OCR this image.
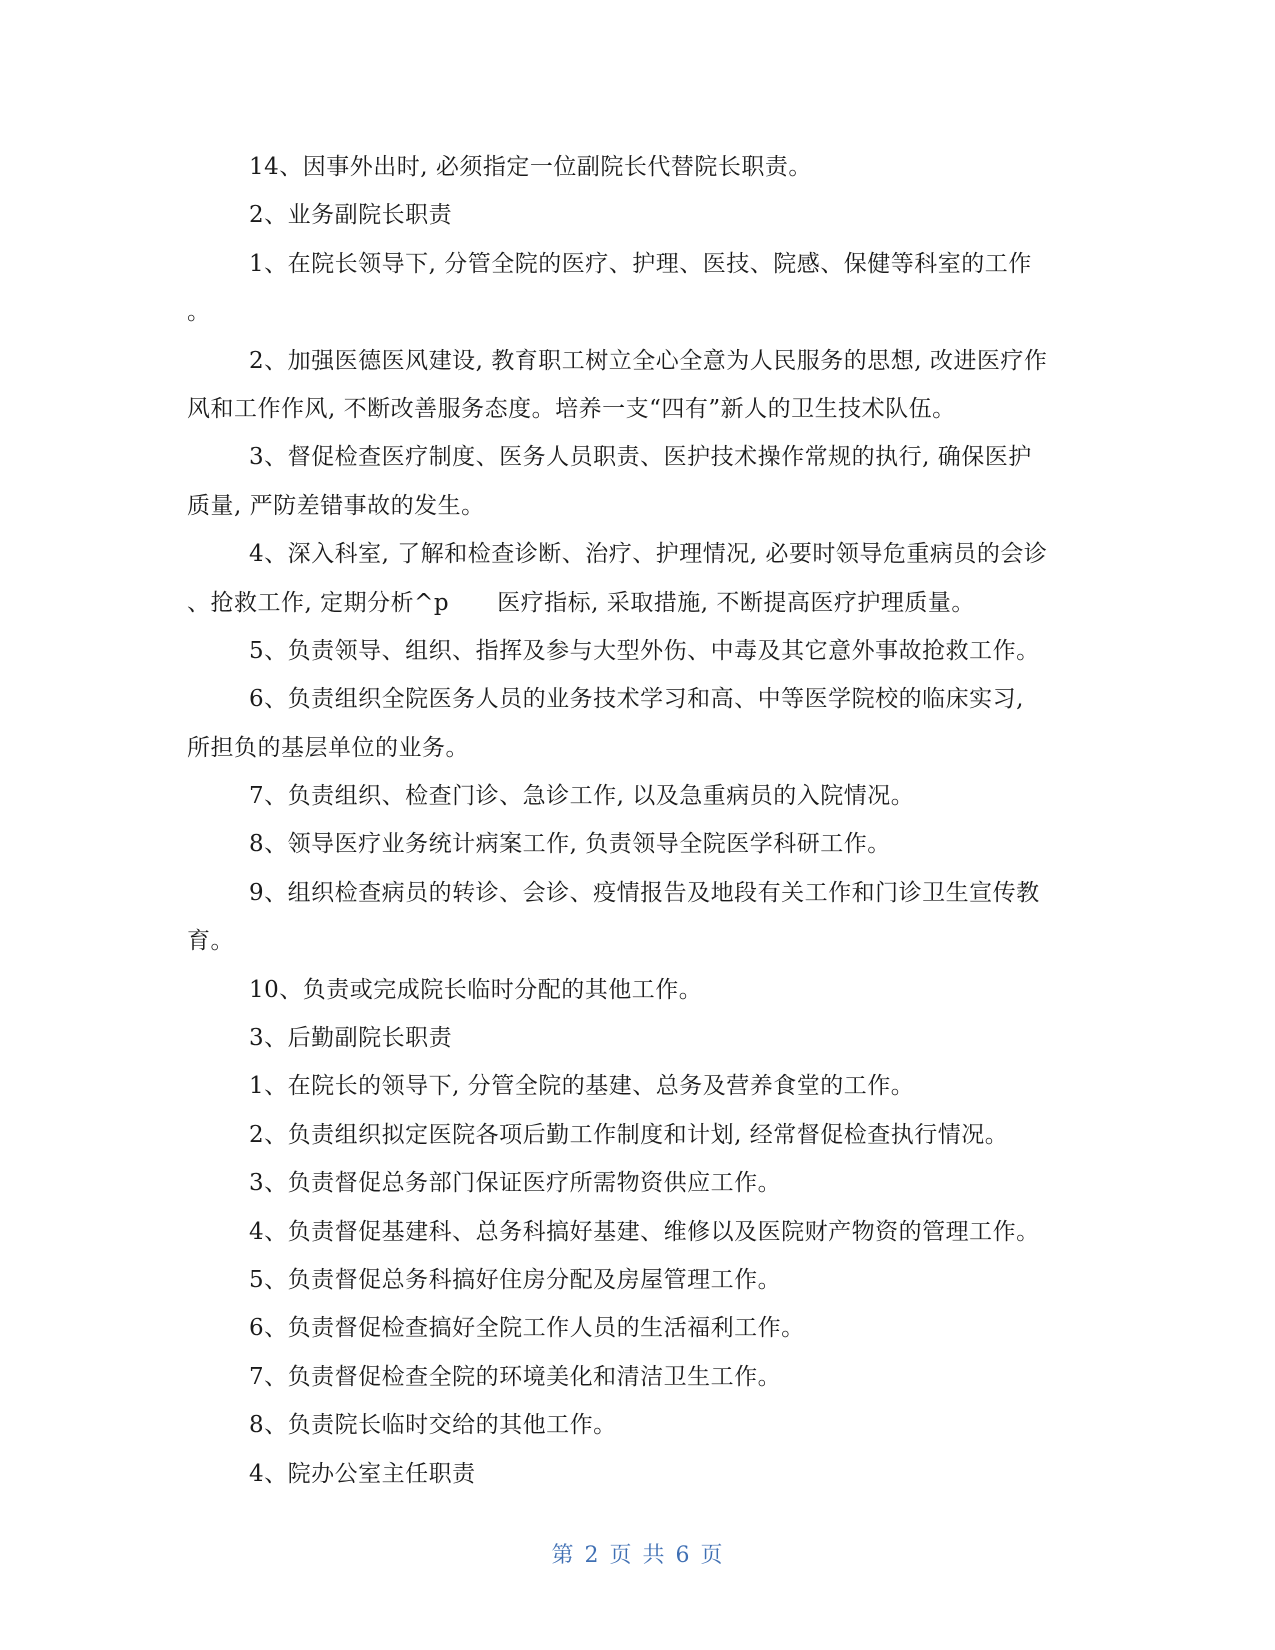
14、因事外出时, 必须指定一位副院长代替院长职责。
2、业务副院长职责
1、在院长领导下, 分管全院的医疗、护理、医技、院感、保健等科室的工作
。
2、加强医德医风建设, 教育职工树立全心全意为人民服务的思想, 改进医疗作
风和工作作风, 不断改善服务态度。培养一支“四有”新人的卫生技术队伍。
3、督促检查医疗制度、医务人员职责、医护技术操作常规的执行, 确保医护
质量, 严防差错事故的发生。
4、深入科室, 了解和检查诊断、治疗、护理情况, 必要时领导危重病员的会诊
、抢救工作, 定期分析^p 医疗指标, 采取措施, 不断提高医疗护理质量。
5、负责领导、组织、指挥及参与大型外伤、中毒及其它意外事故抢救工作。
6、负责组织全院医务人员的业务技术学习和高、中等医学院校的临床实习,
所担负的基层单位的业务。
7、负责组织、检查门诊、急诊工作, 以及急重病员的入院情况。
8、领导医疗业务统计病案工作, 负责领导全院医学科研工作。
9、组织检查病员的转诊、会诊、疫情报告及地段有关工作和门诊卫生宣传教
育。
10、负责或完成院长临时分配的其他工作。
3、后勤副院长职责
1、在院长的领导下, 分管全院的基建、总务及营养食堂的工作。
2、负责组织拟定医院各项后勤工作制度和计划, 经常督促检查执行情况。
3、负责督促总务部门保证医疗所需物资供应工作。
4、负责督促基建科、总务科搞好基建、维修以及医院财产物资的管理工作。
5、负责督促总务科搞好住房分配及房屋管理工作。
6、负责督促检查搞好全院工作人员的生活福利工作。
7、负责督促检查全院的环境美化和清洁卫生工作。
8、负责院长临时交给的其他工作。
4、院办公室主任职责
第 2 页 共 6 页
